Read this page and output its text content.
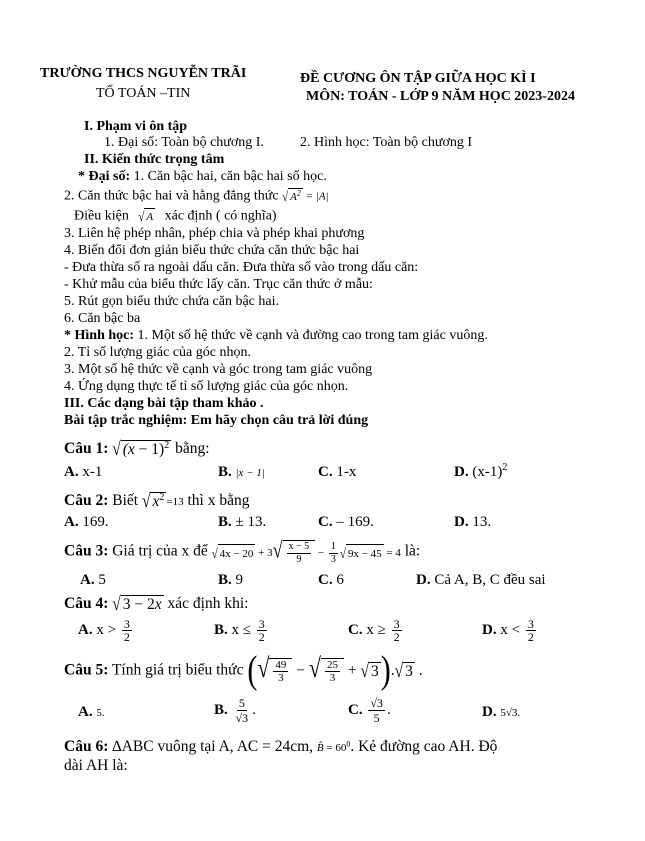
TRƯỜNG THCS NGUYỄN TRÃI
TỔ TOÁN –TIN
ĐỀ CƯƠNG ÔN TẬP GIỮA HỌC KÌ I
MÔN: TOÁN - LỚP 9 NĂM HỌC 2023-2024
I. Phạm vi ôn tập
1. Đại số: Toàn bộ chương I.	2. Hình học: Toàn bộ chương I
II. Kiến thức trọng tâm
* Đại số: 1. Căn bậc hai, căn bậc hai số học.
2. Căn thức bậc hai và hằng đẳng thức √ $A^2 = |A|$
Điều kiện √ A xác định ( có nghĩa)
3. Liên hệ phép nhân, phép chia và phép khai phương
4. Biến đổi đơn giản biểu thức chứa căn thức bậc hai
- Đưa thừa số ra ngoài dấu căn. Đưa thừa số vào trong dấu căn:
- Khử mẫu của biểu thức lấy căn. Trục căn thức ở mẫu:
5. Rút gọn biểu thức chứa căn bậc hai.
6. Căn bậc ba
* Hình học: 1. Một số hệ thức về cạnh và đường cao trong tam giác vuông.
2. Tỉ số lượng giác của góc nhọn.
3. Một số hệ thức về cạnh và góc trong tam giác vuông
4. Ứng dụng thực tế tỉ số lượng giác của góc nhọn.
III. Các dạng bài tập tham khảo .
Bài tập trắc nghiệm: Em hãy chọn câu trả lời đúng
Câu 1: √ $(x - 1)^2$ bằng:
A. x-1	B. |x − 1|	C. 1-x	D. $(x-1)^2$
Câu 2: Biết √ $x^2 =13$ thì x bằng
A. 169.	B. ± 13.	C. – 169.	D. 13.
Câu 3: Giá trị của x để √ $4x - 20 + 3√ \frac{x - 5}{9} - \frac{1}{3}$ √ 9x − 45 = 4 là:
A. 5	B. 9	C. 6	D. Cả A, B, C đều sai
Câu 4: √ 3 − 2x xác định khi:
A. $x > \frac{3}{2}$	B. $x \le \frac{3}{2}$	C. $x \ge \frac{3}{2}$	D. $x < \frac{3}{2}$
Câu 5: Tính giá trị biểu thức (√ $\frac{49}{3}$ − √ $\frac{25}{3}$ + √ 3).√ 3 .
A. 5.	B. $\frac{5}{√3}$ .	C. $\frac{√3}{5}$ .	D. 5√3.
Câu 6: ∆ABC vuông tại A, AC = 24cm, B̂ = $60^0$. Kẻ đường cao AH. Độ
dài AH là:
